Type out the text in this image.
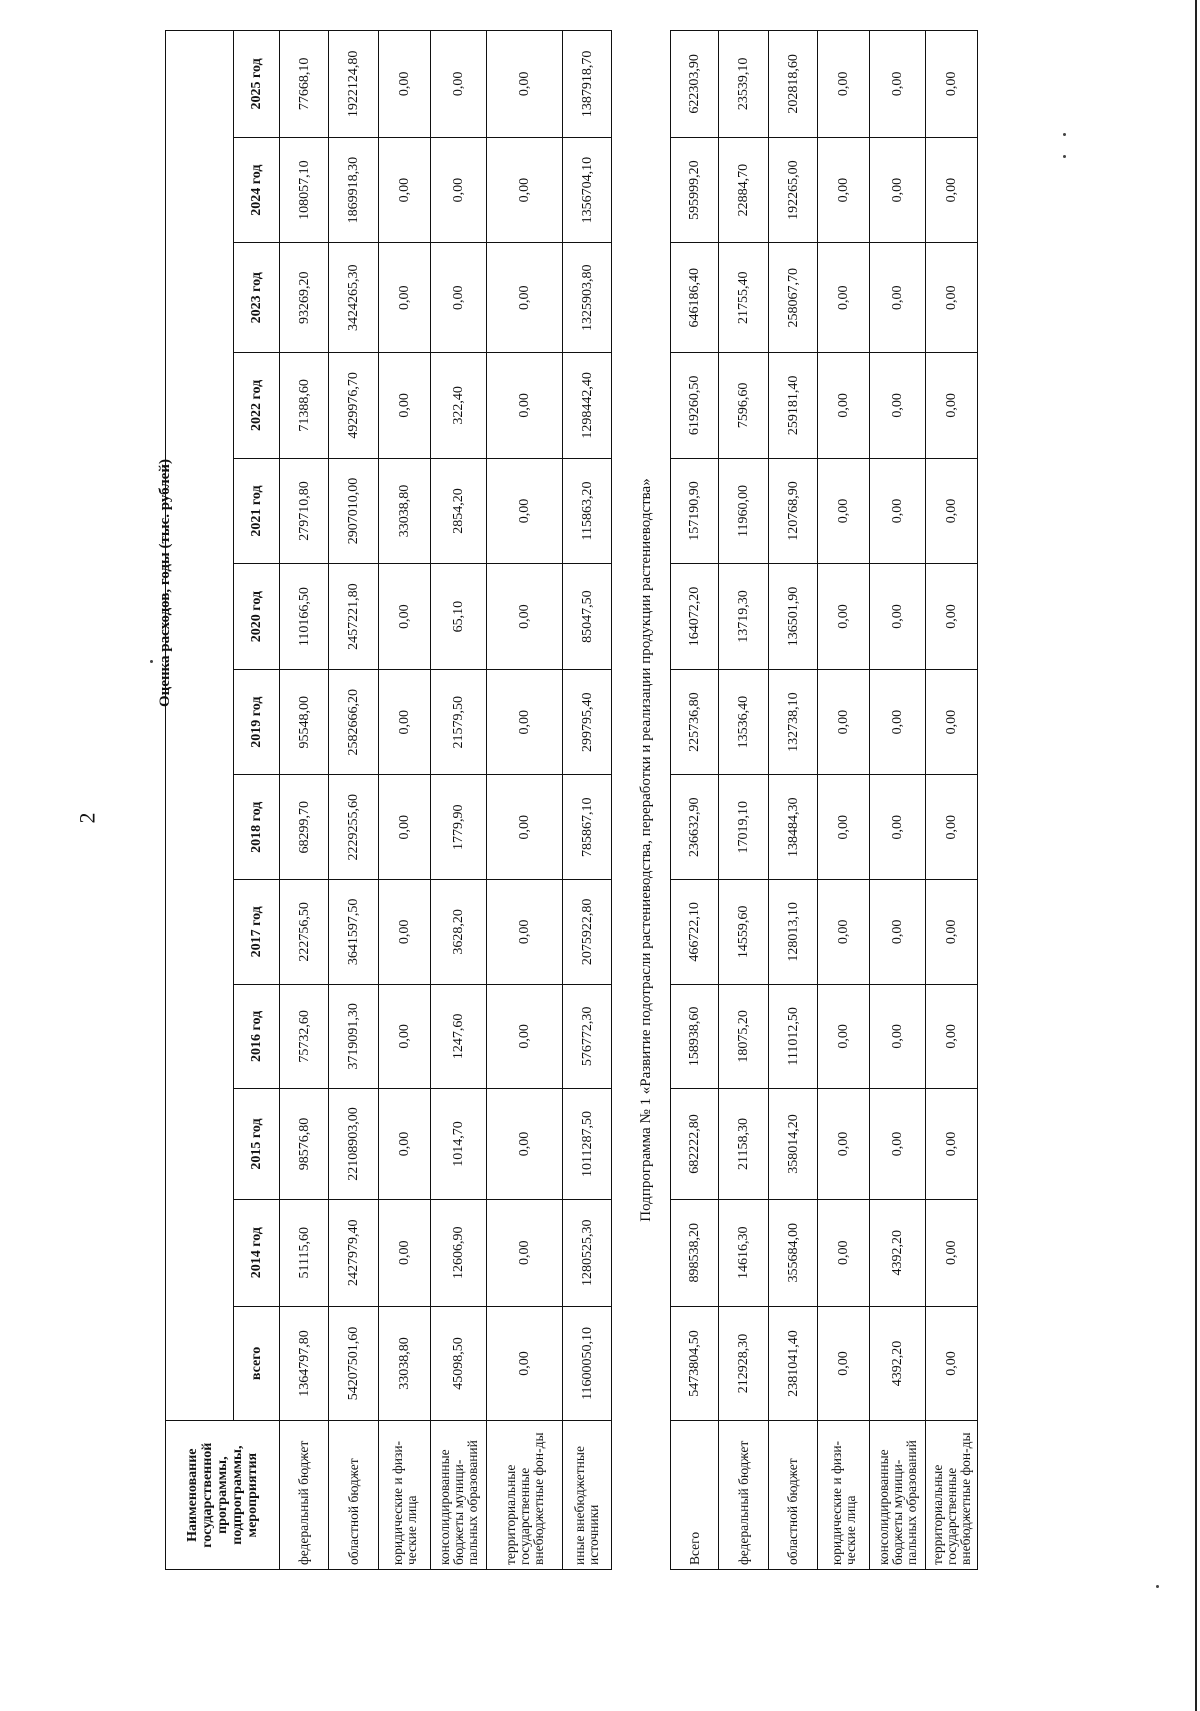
2
Наименование государственной программы, подпрограммы, мероприятия													
	всего	2014 год	2015 год	2016 год	2017 год	2018 год	2019 год	2020 год	2021 год	2022 год	2023 год	2024 год	2025 год
федеральный бюджет	1364797,80	51115,60	98576,80	75732,60	222756,50	68299,70	95548,00	110166,50	279710,80	71388,60	93269,20	108057,10	77668,10
областной бюджет	54207501,60	2427979,40	22108903,00	3719091,30	3641597,50	2229255,60	2582666,20	2457221,80	2907010,00	4929976,70	3424265,30	1869918,30	1922124,80
юридические и физи-ческие лица	33038,80	0,00	0,00	0,00	0,00	0,00	0,00	0,00	33038,80	0,00	0,00	0,00	0,00
консолидированные бюджеты муници-пальных образований	45098,50	12606,90	1014,70	1247,60	3628,20	1779,90	21579,50	65,10	2854,20	322,40	0,00	0,00	0,00
территориальные государственные внебюджетные фон-ды	0,00	0,00	0,00	0,00	0,00	0,00	0,00	0,00	0,00	0,00	0,00	0,00	0,00
иные внебюджетные источники	11600050,10	1280525,30	1011287,50	576772,30	2075922,80	785867,10	299795,40	85047,50	115863,20	1298442,40	1325903,80	1356704,10	1387918,70
Оценка расходов, годы (тыс. рублей)	Подпрограмма № 1 «Развитие подотрасли растениеводства, переработки и реализации продукции растениеводства»
Всего	5473804,50	898538,20	682222,80	158938,60	466722,10	236632,90	225736,80	164072,20	157190,90	619260,50	646186,40	595999,20	622303,90
федеральный бюджет	212928,30	14616,30	21158,30	18075,20	14559,60	17019,10	13536,40	13719,30	11960,00	7596,60	21755,40	22884,70	23539,10
областной бюджет	2381041,40	355684,00	358014,20	111012,50	128013,10	138484,30	132738,10	136501,90	120768,90	259181,40	258067,70	192265,00	202818,60
юридические и физи-ческие лица	0,00	0,00	0,00	0,00	0,00	0,00	0,00	0,00	0,00	0,00	0,00	0,00	0,00
консолидированные бюджеты муници-пальных образований	4392,20	4392,20	0,00	0,00	0,00	0,00	0,00	0,00	0,00	0,00	0,00	0,00	0,00
территориальные государственные внебюджетные фон-ды	0,00	0,00	0,00	0,00	0,00	0,00	0,00	0,00	0,00	0,00	0,00	0,00	0,00
